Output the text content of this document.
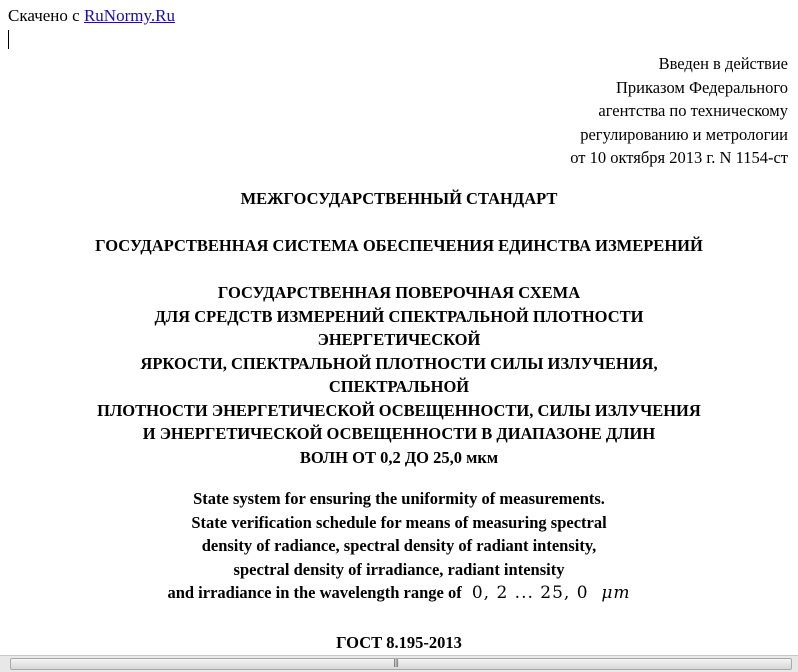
Скачено с RuNormy.Ru
Введен в действие
Приказом Федерального
агентства по техническому
регулированию и метрологии
от 10 октября 2013 г. N 1154-ст
МЕЖГОСУДАРСТВЕННЫЙ СТАНДАРТ
ГОСУДАРСТВЕННАЯ СИСТЕМА ОБЕСПЕЧЕНИЯ ЕДИНСТВА ИЗМЕРЕНИЙ
ГОСУДАРСТВЕННАЯ ПОВЕРОЧНАЯ СХЕМА
ДЛЯ СРЕДСТВ ИЗМЕРЕНИЙ СПЕКТРАЛЬНОЙ ПЛОТНОСТИ
ЭНЕРГЕТИЧЕСКОЙ
ЯРКОСТИ, СПЕКТРАЛЬНОЙ ПЛОТНОСТИ СИЛЫ ИЗЛУЧЕНИЯ,
СПЕКТРАЛЬНОЙ
ПЛОТНОСТИ ЭНЕРГЕТИЧЕСКОЙ ОСВЕЩЕННОСТИ, СИЛЫ ИЗЛУЧЕНИЯ
И ЭНЕРГЕТИЧЕСКОЙ ОСВЕЩЕННОСТИ В ДИАПАЗОНЕ ДЛИН
ВОЛН ОТ 0,2 ДО 25,0 мкм
State system for ensuring the uniformity of measurements.
State verification schedule for means of measuring spectral
density of radiance, spectral density of radiant intensity,
spectral density of irradiance, radiant intensity
and irradiance in the wavelength range of 0, 2 ... 25, 0 μm
ГОСТ 8.195-2013
|||
